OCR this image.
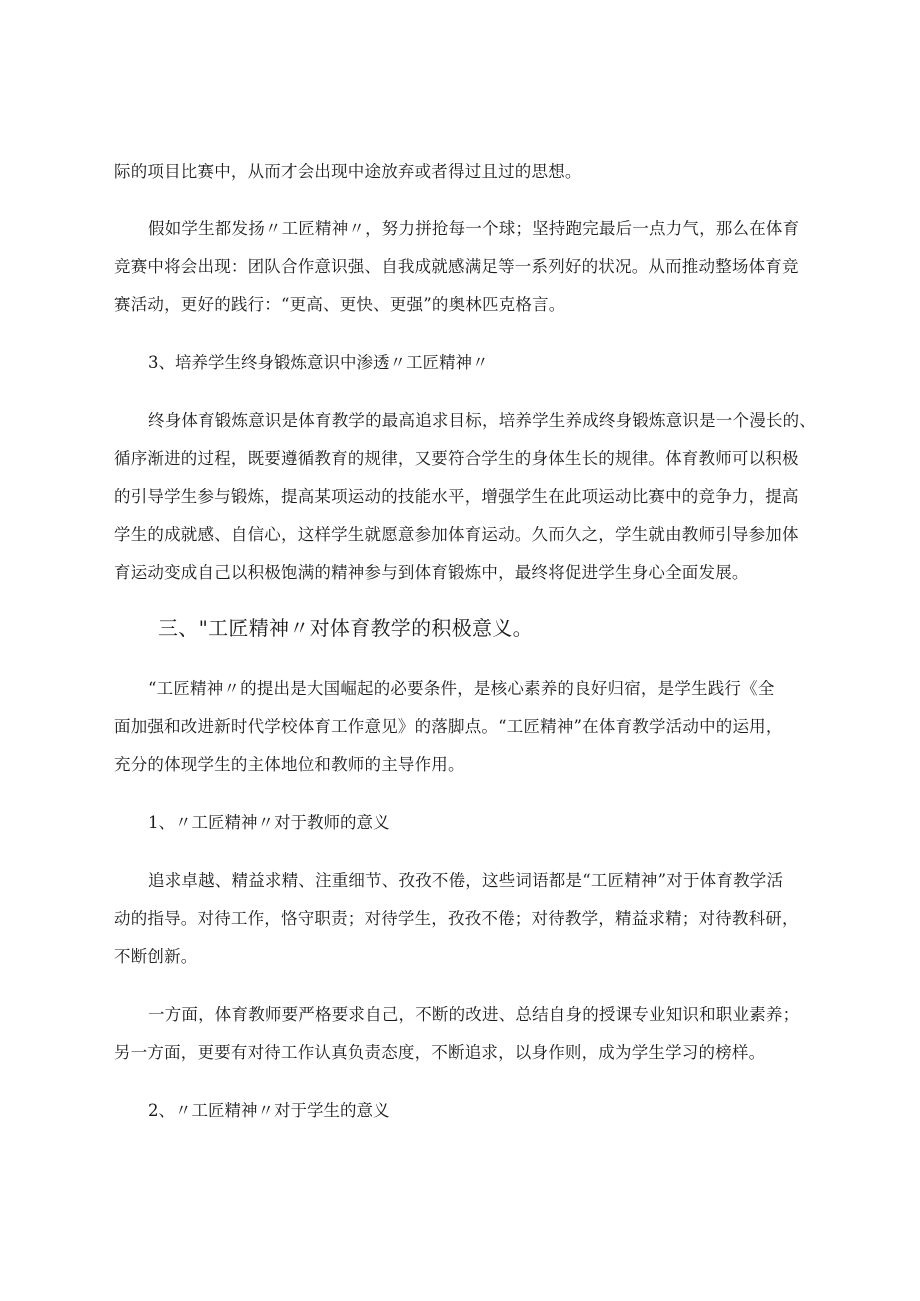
际的项目比赛中，从而才会出现中途放弃或者得过且过的思想。
假如学生都发扬〃工匠精神〃，努力拼抢每一个球；坚持跑完最后一点力气，那么在体育
竞赛中将会出现：团队合作意识强、自我成就感满足等一系列好的状况。从而推动整场体育竞
赛活动，更好的践行：“更高、更快、更强”的奥林匹克格言。
3、培养学生终身锻炼意识中渗透〃工匠精神〃
终身体育锻炼意识是体育教学的最高追求目标，培养学生养成终身锻炼意识是一个漫长的、
循序渐进的过程，既要遵循教育的规律，又要符合学生的身体生长的规律。体育教师可以积极
的引导学生参与锻炼，提高某项运动的技能水平，增强学生在此项运动比赛中的竞争力，提高
学生的成就感、自信心，这样学生就愿意参加体育运动。久而久之，学生就由教师引导参加体
育运动变成自己以积极饱满的精神参与到体育锻炼中，最终将促进学生身心全面发展。
三、"工匠精神〃对体育教学的积极意义。
“工匠精神〃的提出是大国崛起的必要条件，是核心素养的良好归宿，是学生践行《全
面加强和改进新时代学校体育工作意见》的落脚点。“工匠精神”在体育教学活动中的运用，
充分的体现学生的主体地位和教师的主导作用。
1、〃工匠精神〃对于教师的意义
追求卓越、精益求精、注重细节、孜孜不倦，这些词语都是“工匠精神”对于体育教学活
动的指导。对待工作，恪守职责；对待学生，孜孜不倦；对待教学，精益求精；对待教科研，
不断创新。
一方面，体育教师要严格要求自己，不断的改进、总结自身的授课专业知识和职业素养；
另一方面，更要有对待工作认真负责态度，不断追求，以身作则，成为学生学习的榜样。
2、〃工匠精神〃对于学生的意义
